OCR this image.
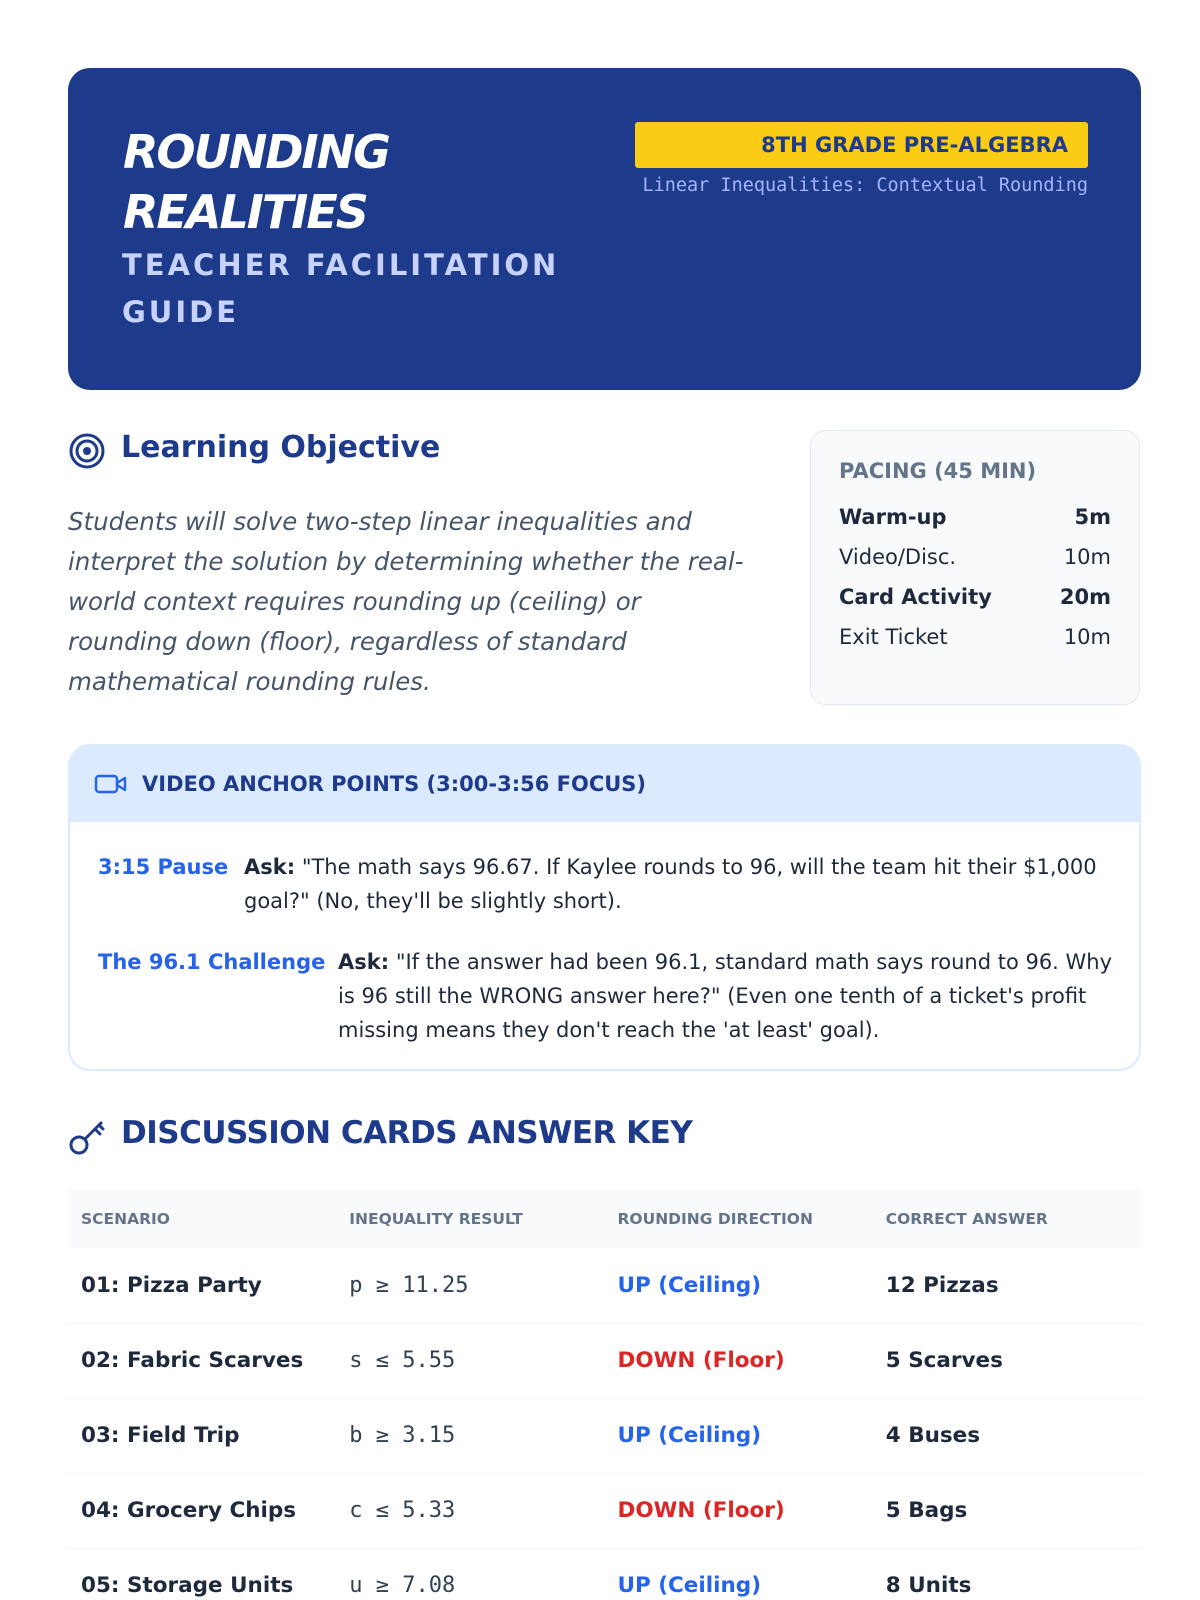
ROUNDING REALITIES
TEACHER FACILITATION GUIDE
8TH GRADE PRE-ALGEBRA
Linear Inequalities: Contextual Rounding
Learning Objective

Students will solve two-step linear inequalities and interpret the solution by determining whether the real-world context requires rounding up (ceiling) or rounding down (floor), regardless of standard mathematical rounding rules.

PACING (45 MIN)
Warm-up	5m
Video/Disc.	10m
Card Activity	20m
Exit Ticket	10m
VIDEO ANCHOR POINTS (3:00-3:56 FOCUS)
3:15 Pause Ask: "The math says 96.67. If Kaylee rounds to 96, will the team hit their $1,000 goal?" (No, they'll be slightly short).
The 96.1 Challenge Ask: "If the answer had been 96.1, standard math says round to 96. Why is 96 still the WRONG answer here?" (Even one tenth of a ticket's profit missing means they don't reach the 'at least' goal).
DISCUSSION CARDS ANSWER KEY
SCENARIO	INEQUALITY RESULT	ROUNDING DIRECTION	CORRECT ANSWER
01: Pizza Party	p ≥ 11.25	UP (Ceiling)	12 Pizzas
02: Fabric Scarves	s ≤ 5.55	DOWN (Floor)	5 Scarves
03: Field Trip	b ≥ 3.15	UP (Ceiling)	4 Buses
04: Grocery Chips	c ≤ 5.33	DOWN (Floor)	5 Bags
05: Storage Units	u ≥ 7.08	UP (Ceiling)	8 Units
